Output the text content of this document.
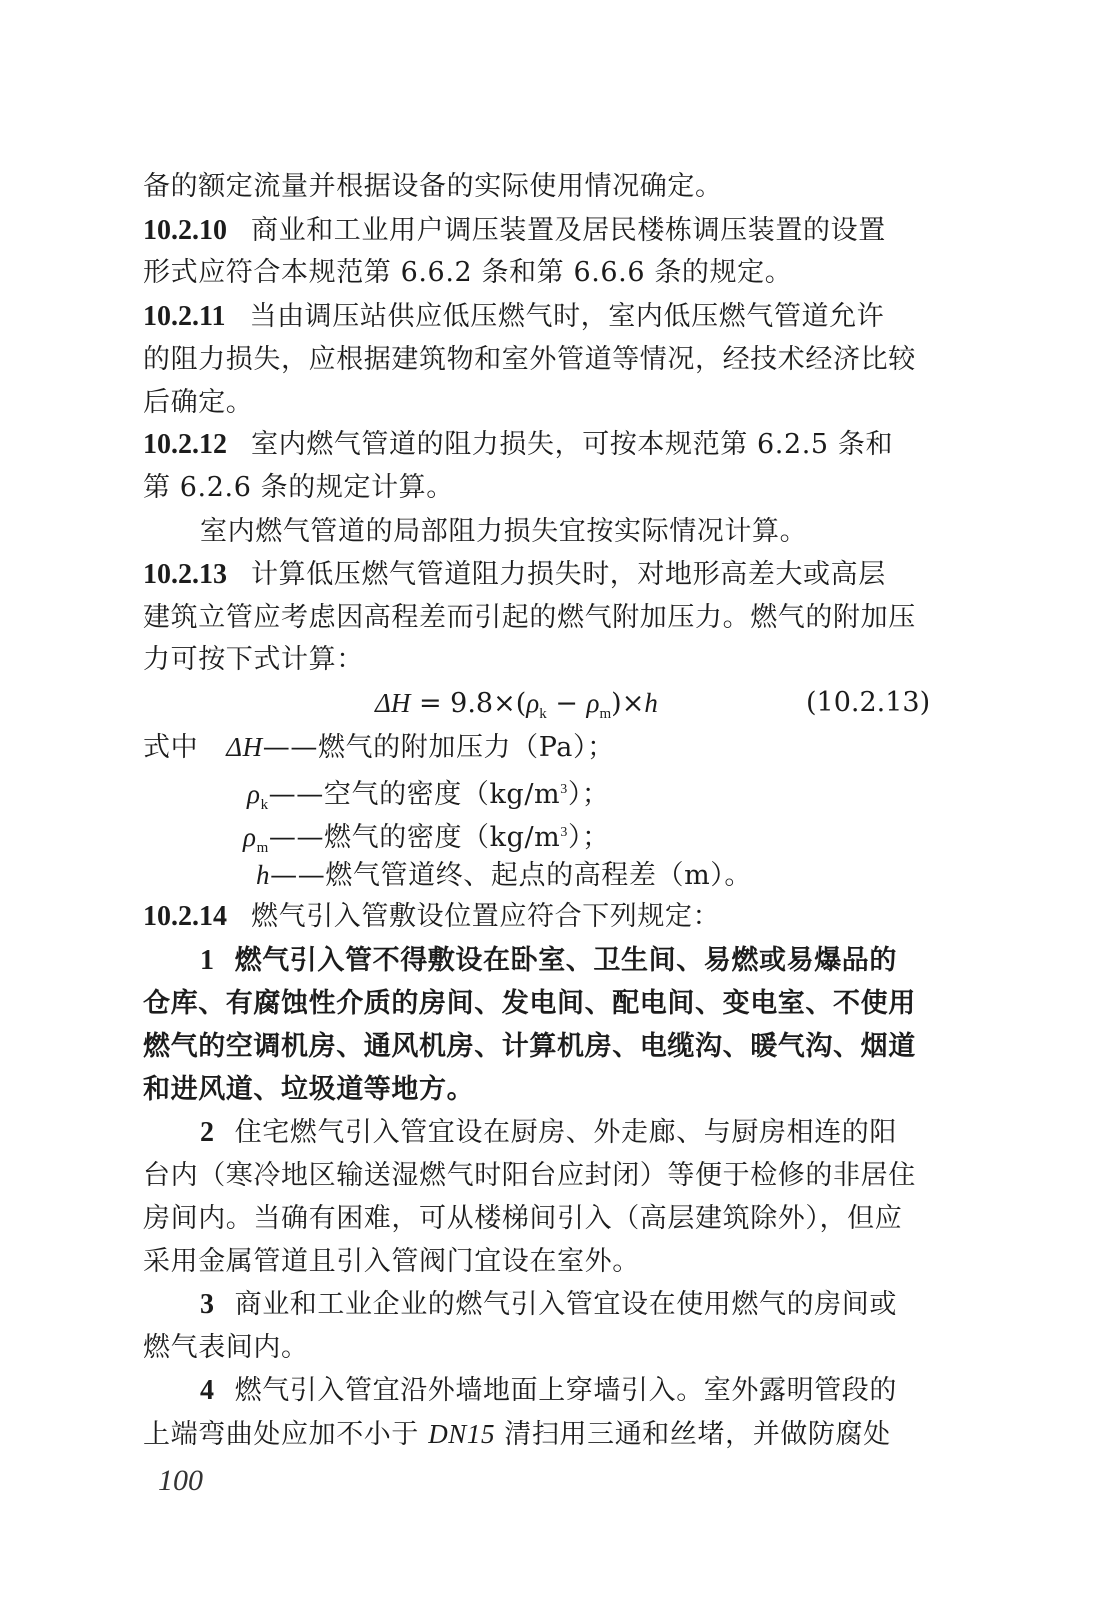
备的额定流量并根据设备的实际使用情况确定。
10.2.10 商业和工业用户调压装置及居民楼栋调压装置的设置
形式应符合本规范第 6.6.2 条和第 6.6.6 条的规定。
10.2.11 当由调压站供应低压燃气时，室内低压燃气管道允许
的阻力损失，应根据建筑物和室外管道等情况，经技术经济比较
后确定。
10.2.12 室内燃气管道的阻力损失，可按本规范第 6.2.5 条和
第 6.2.6 条的规定计算。
室内燃气管道的局部阻力损失宜按实际情况计算。
10.2.13 计算低压燃气管道阻力损失时，对地形高差大或高层
建筑立管应考虑因高程差而引起的燃气附加压力。燃气的附加压
力可按下式计算：
$\Delta H = 9.8\times(\rho_k - \rho_m)\times h$	(10.2.13)
式中 ΔH——燃气的附加压力（Pa）；
$\rho_k——$空气的密度$(kg/m^3)$；
$\rho_m——$燃气的密度$(kg/m^3)$；
h——燃气管道终、起点的高程差（m）。
10.2.14 燃气引入管敷设位置应符合下列规定：
1 燃气引入管不得敷设在卧室、卫生间、易燃或易爆品的
仓库、有腐蚀性介质的房间、发电间、配电间、变电室、不使用
燃气的空调机房、通风机房、计算机房、电缆沟、暖气沟、烟道
和进风道、垃圾道等地方。
2 住宅燃气引入管宜设在厨房、外走廊、与厨房相连的阳
台内（寒冷地区输送湿燃气时阳台应封闭）等便于检修的非居住
房间内。当确有困难，可从楼梯间引入（高层建筑除外），但应
采用金属管道且引入管阀门宜设在室外。
3 商业和工业企业的燃气引入管宜设在使用燃气的房间或
燃气表间内。
4 燃气引入管宜沿外墙地面上穿墙引入。室外露明管段的
上端弯曲处应加不小于 DN15 清扫用三通和丝堵，并做防腐处
100
